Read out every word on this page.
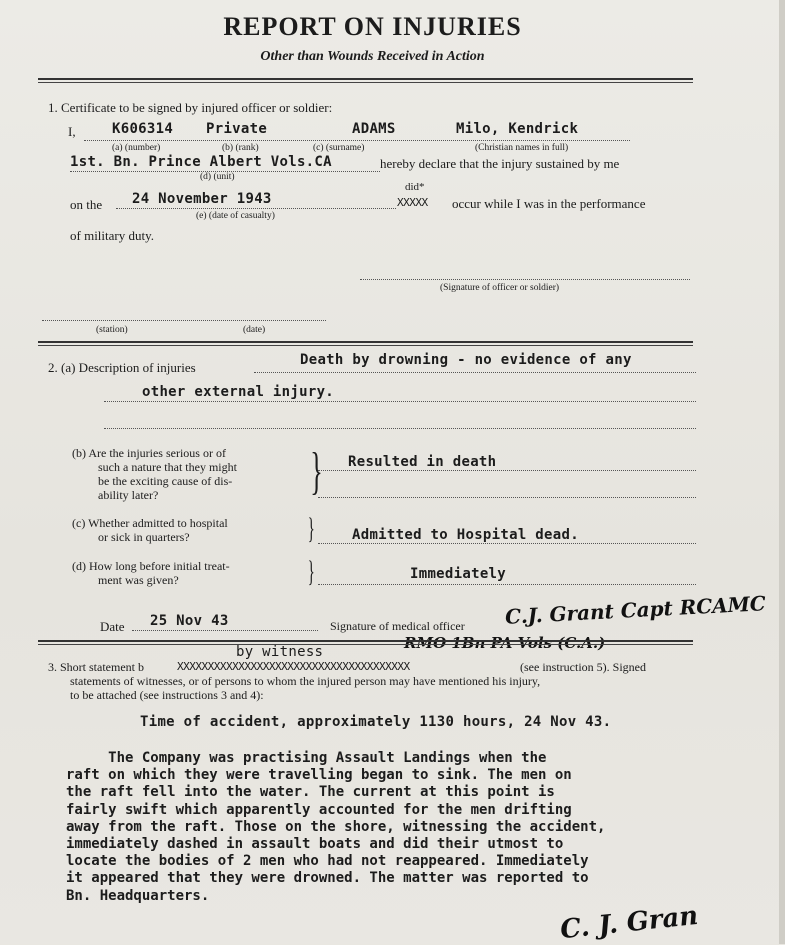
REPORT ON INJURIES
Other than Wounds Received in Action
1. Certificate to be signed by injured officer or soldier:
I,	K606314 Private	ADAMS	Milo, Kendrick
(a) (number)	(b) (rank)	(c) (surname)	(Christian names in full)
1st. Bn. Prince Albert Vols.CA	hereby declare that the injury sustained by me
(d) (unit)
on the 24 November 1943
did*
XXXXX occur while I was in the performance
(e) (date of casualty)
of military duty.
(Signature of officer or soldier)
(station)	(date)
2. (a) Description of injuries	Death by drowning - no evidence of any
other external injury.
(b) Are the injuries serious or of
such a nature that they might
be the exciting cause of dis-
ability later?	} Resulted in death
(c) Whether admitted to hospital
or sick in quarters?	}	Admitted to Hospital dead.
(d) How long before initial treat-
ment was given?	}	Immediately
Date 25 Nov 43	Signature of medical officer C.J. Grant Capt RCAMC
RMO 1Bn PA Vols (C.A.)
by witness
3. Short statement b	XXXXXXXXXXXXXXXXXXXXXXXXXXXXXXXXXXXXXX	(see instruction 5). Signed
statements of witnesses, or of persons to whom the injured person may have mentioned his injury,
to be attached (see instructions 3 and 4):
Time of accident, approximately 1130 hours, 24 Nov 43.
The Company was practising Assault Landings when the
raft on which they were travelling began to sink. The men on
the raft fell into the water. The current at this point is
fairly swift which apparently accounted for the men drifting
away from the raft. Those on the shore, witnessing the accident,
immediately dashed in assault boats and did their utmost to
locate the bodies of 2 men who had not reappeared. Immediately
it appeared that they were drowned. The matter was reported to
Bn. Headquarters.
C. J. Gran
